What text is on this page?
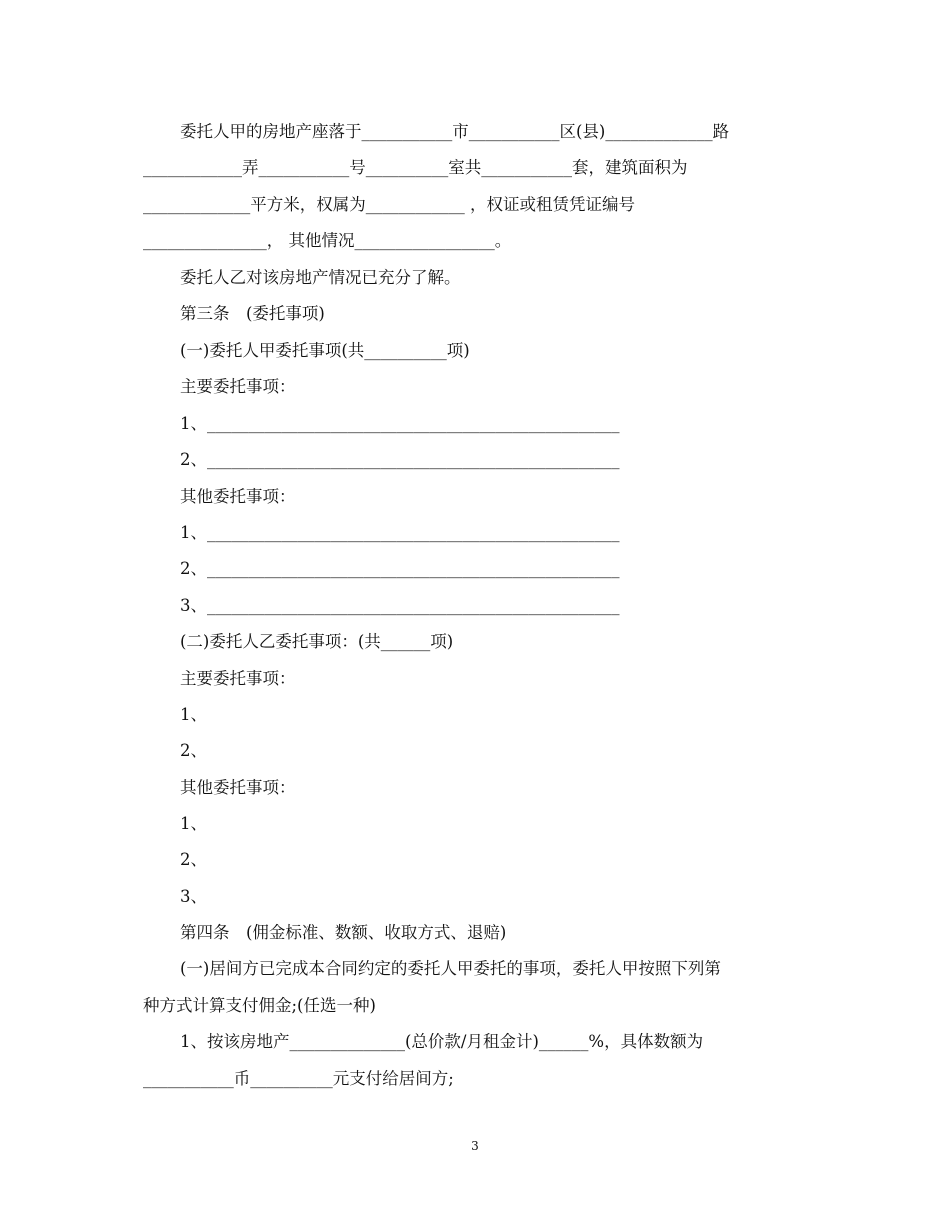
委托人甲的房地产座落于___________市___________区(县)_____________路
____________弄___________号__________室共___________套，建筑面积为
_____________平方米，权属为____________ ，权证或租赁凭证编号
_______________， 其他情况_________________。
委托人乙对该房地产情况已充分了解。
第三条　(委托事项)
(一)委托人甲委托事项(共__________项)
主要委托事项：
1、__________________________________________________
2、__________________________________________________
其他委托事项：
1、__________________________________________________
2、__________________________________________________
3、__________________________________________________
(二)委托人乙委托事项：(共______项)
主要委托事项：
1、
2、
其他委托事项：
1、
2、
3、
第四条　(佣金标准、数额、收取方式、退赔)
(一)居间方已完成本合同约定的委托人甲委托的事项，委托人甲按照下列第
种方式计算支付佣金;(任选一种)
1、按该房地产______________(总价款/月租金计)______%，具体数额为
___________币__________元支付给居间方;
3
